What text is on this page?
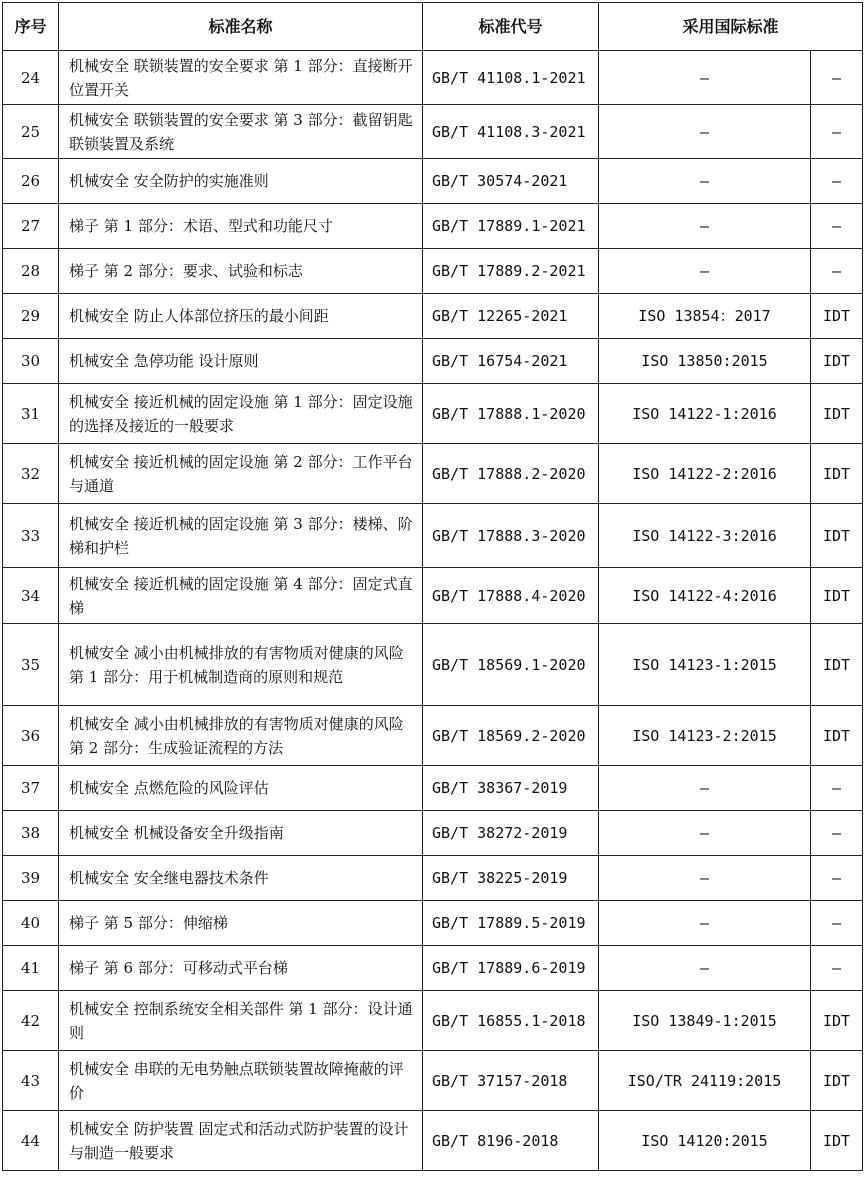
序号	标准名称	标准代号	采用国际标准	
24	机械安全 联锁装置的安全要求 第 1 部分：直接断开位置开关	GB/T 41108.1-2021	–	–
25	机械安全 联锁装置的安全要求 第 3 部分：截留钥匙联锁装置及系统	GB/T 41108.3-2021	–	–
26	机械安全 安全防护的实施准则	GB/T 30574-2021	–	–
27	梯子 第 1 部分：术语、型式和功能尺寸	GB/T 17889.1-2021	–	–
28	梯子 第 2 部分：要求、试验和标志	GB/T 17889.2-2021	–	–
29	机械安全 防止人体部位挤压的最小间距	GB/T 12265-2021	ISO 13854：2017	IDT
30	机械安全 急停功能 设计原则	GB/T 16754-2021	ISO 13850:2015	IDT
31	机械安全 接近机械的固定设施 第 1 部分：固定设施的选择及接近的一般要求	GB/T 17888.1-2020	ISO 14122-1:2016	IDT
32	机械安全 接近机械的固定设施 第 2 部分：工作平台与通道	GB/T 17888.2-2020	ISO 14122-2:2016	IDT
33	机械安全 接近机械的固定设施 第 3 部分：楼梯、阶梯和护栏	GB/T 17888.3-2020	ISO 14122-3:2016	IDT
34	机械安全 接近机械的固定设施 第 4 部分：固定式直梯	GB/T 17888.4-2020	ISO 14122-4:2016	IDT
35	机械安全 减小由机械排放的有害物质对健康的风险 第 1 部分：用于机械制造商的原则和规范	GB/T 18569.1-2020	ISO 14123-1:2015	IDT
36	机械安全 减小由机械排放的有害物质对健康的风险 第 2 部分：生成验证流程的方法	GB/T 18569.2-2020	ISO 14123-2:2015	IDT
37	机械安全 点燃危险的风险评估	GB/T 38367-2019	–	–
38	机械安全 机械设备安全升级指南	GB/T 38272-2019	–	–
39	机械安全 安全继电器技术条件	GB/T 38225-2019	–	–
40	梯子 第 5 部分：伸缩梯	GB/T 17889.5-2019	–	–
41	梯子 第 6 部分：可移动式平台梯	GB/T 17889.6-2019	–	–
42	机械安全 控制系统安全相关部件 第 1 部分：设计通则	GB/T 16855.1-2018	ISO 13849-1:2015	IDT
43	机械安全 串联的无电势触点联锁装置故障掩蔽的评价	GB/T 37157-2018	ISO/TR 24119:2015	IDT
44	机械安全 防护装置 固定式和活动式防护装置的设计与制造一般要求	GB/T 8196-2018	ISO 14120:2015	IDT
